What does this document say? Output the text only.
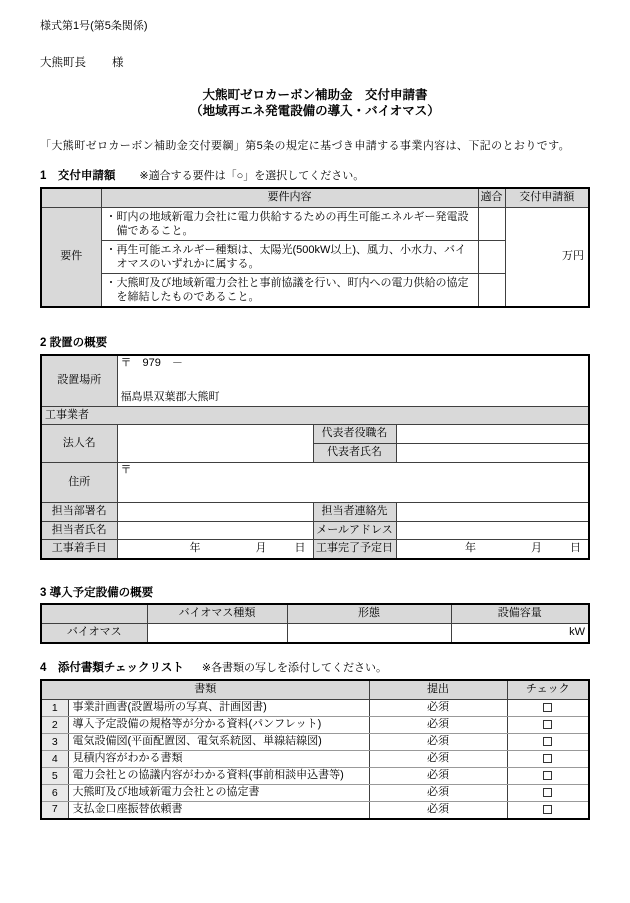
様式第1号(第5条関係)
大熊町長 様
大熊町ゼロカーボン補助金　交付申請書
（地域再エネ発電設備の導入・バイオマス）
「大熊町ゼロカーボン補助金交付要綱」第5条の規定に基づき申請する事業内容は、下記のとおりです。
1　交付申請額 ※適合する要件は「○」を選択してください。
	要件内容	適合	交付申請額
要件	・町内の地域新電力会社に電力供給するための再生可能エネルギー発電設備であること。		万円
	・再生可能エネルギー種類は、太陽光(500kW以上)、風力、小水力、バイオマスのいずれかに属する。		
	・大熊町及び地域新電力会社と事前協議を行い、町内への電力供給の協定を締結したものであること。		
2 設置の概要
設置場所	〒　979　－
福島県双葉郡大熊町		

工事業者			
法人名		代表者役職名	
		代表者氏名	
住所	〒		
担当部署名		担当者連絡先	
担当者氏名		メールアドレス	
工事着手日	年 月 日	工事完了予定日	年 月 日
3 導入予定設備の概要
	バイオマス種類	形態	設備容量
バイオマス			kW
4　添付書類チェックリスト ※各書類の写しを添付してください。
書類		提出	チェック
1	事業計画書(設置場所の写真、計画図書)	必須	
2	導入予定設備の規格等が分かる資料(パンフレット)	必須	
3	電気設備図(平面配置図、電気系統図、単線結線図)	必須	
4	見積内容がわかる書類	必須	
5	電力会社との協議内容がわかる資料(事前相談申込書等)	必須	
6	大熊町及び地域新電力会社との協定書	必須	
7	支払金口座振替依頼書	必須	
